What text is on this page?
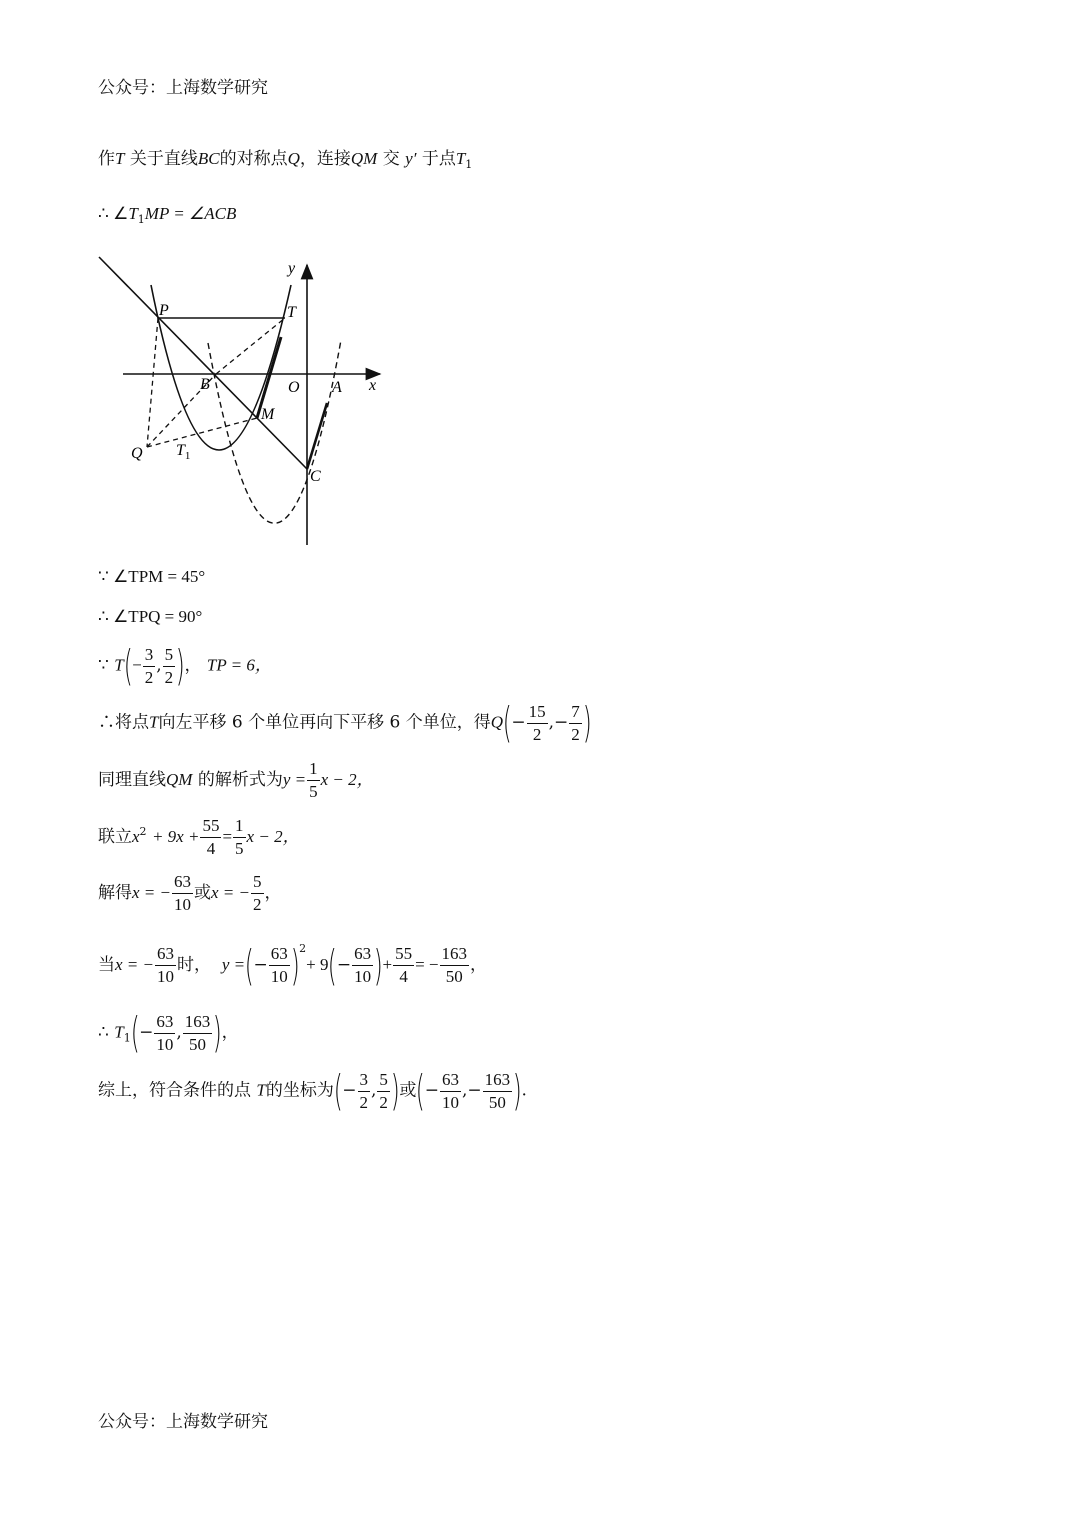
公众号：上海数学研究
作T 关于直线BC的对称点Q，连接QM 交 y′ 于点$T_1$
∴ $\angle T_1MP$ = ∠ACB
y
P	T
B	O A x
M
Q $T_1$
C
∵ ∠TPM = 45°
∴ ∠TPQ = 90°
∵ $T(- \frac{3}{2}$ , $\frac{5}{2}$ )， TP = 6，
∴将点T向左平移 6 个单位再向下平移 6 个单位，得$Q(- \frac{15}{2}$ ,− $\frac{7}{2}$ )
同理直线QM 的解析式为$y = \frac{1}{5}$ x − 2，
联立$x^2 + 9x + \frac{55}{4} = \frac{1}{5}$ x − 2，
解得x = − $\frac{63}{10}$ 或x = − $\frac{5}{2}$ ，
当x = − $\frac{63}{10}$ 时， y =(− $\frac{63}{10} )^2+ 9(- \frac{63}{10}$ )+ $\frac{55}{4}$ = − $\frac{163}{50}$ ，
∴ $T_1(- \frac{63}{10}$ , $\frac{163}{50}$ )，
综上，符合条件的点 T的坐标为(− $\frac{3}{2}$ , $\frac{5}{2}$ )或(− $\frac{63}{10}$ ,− $\frac{163}{50}$ ).
公众号：上海数学研究
